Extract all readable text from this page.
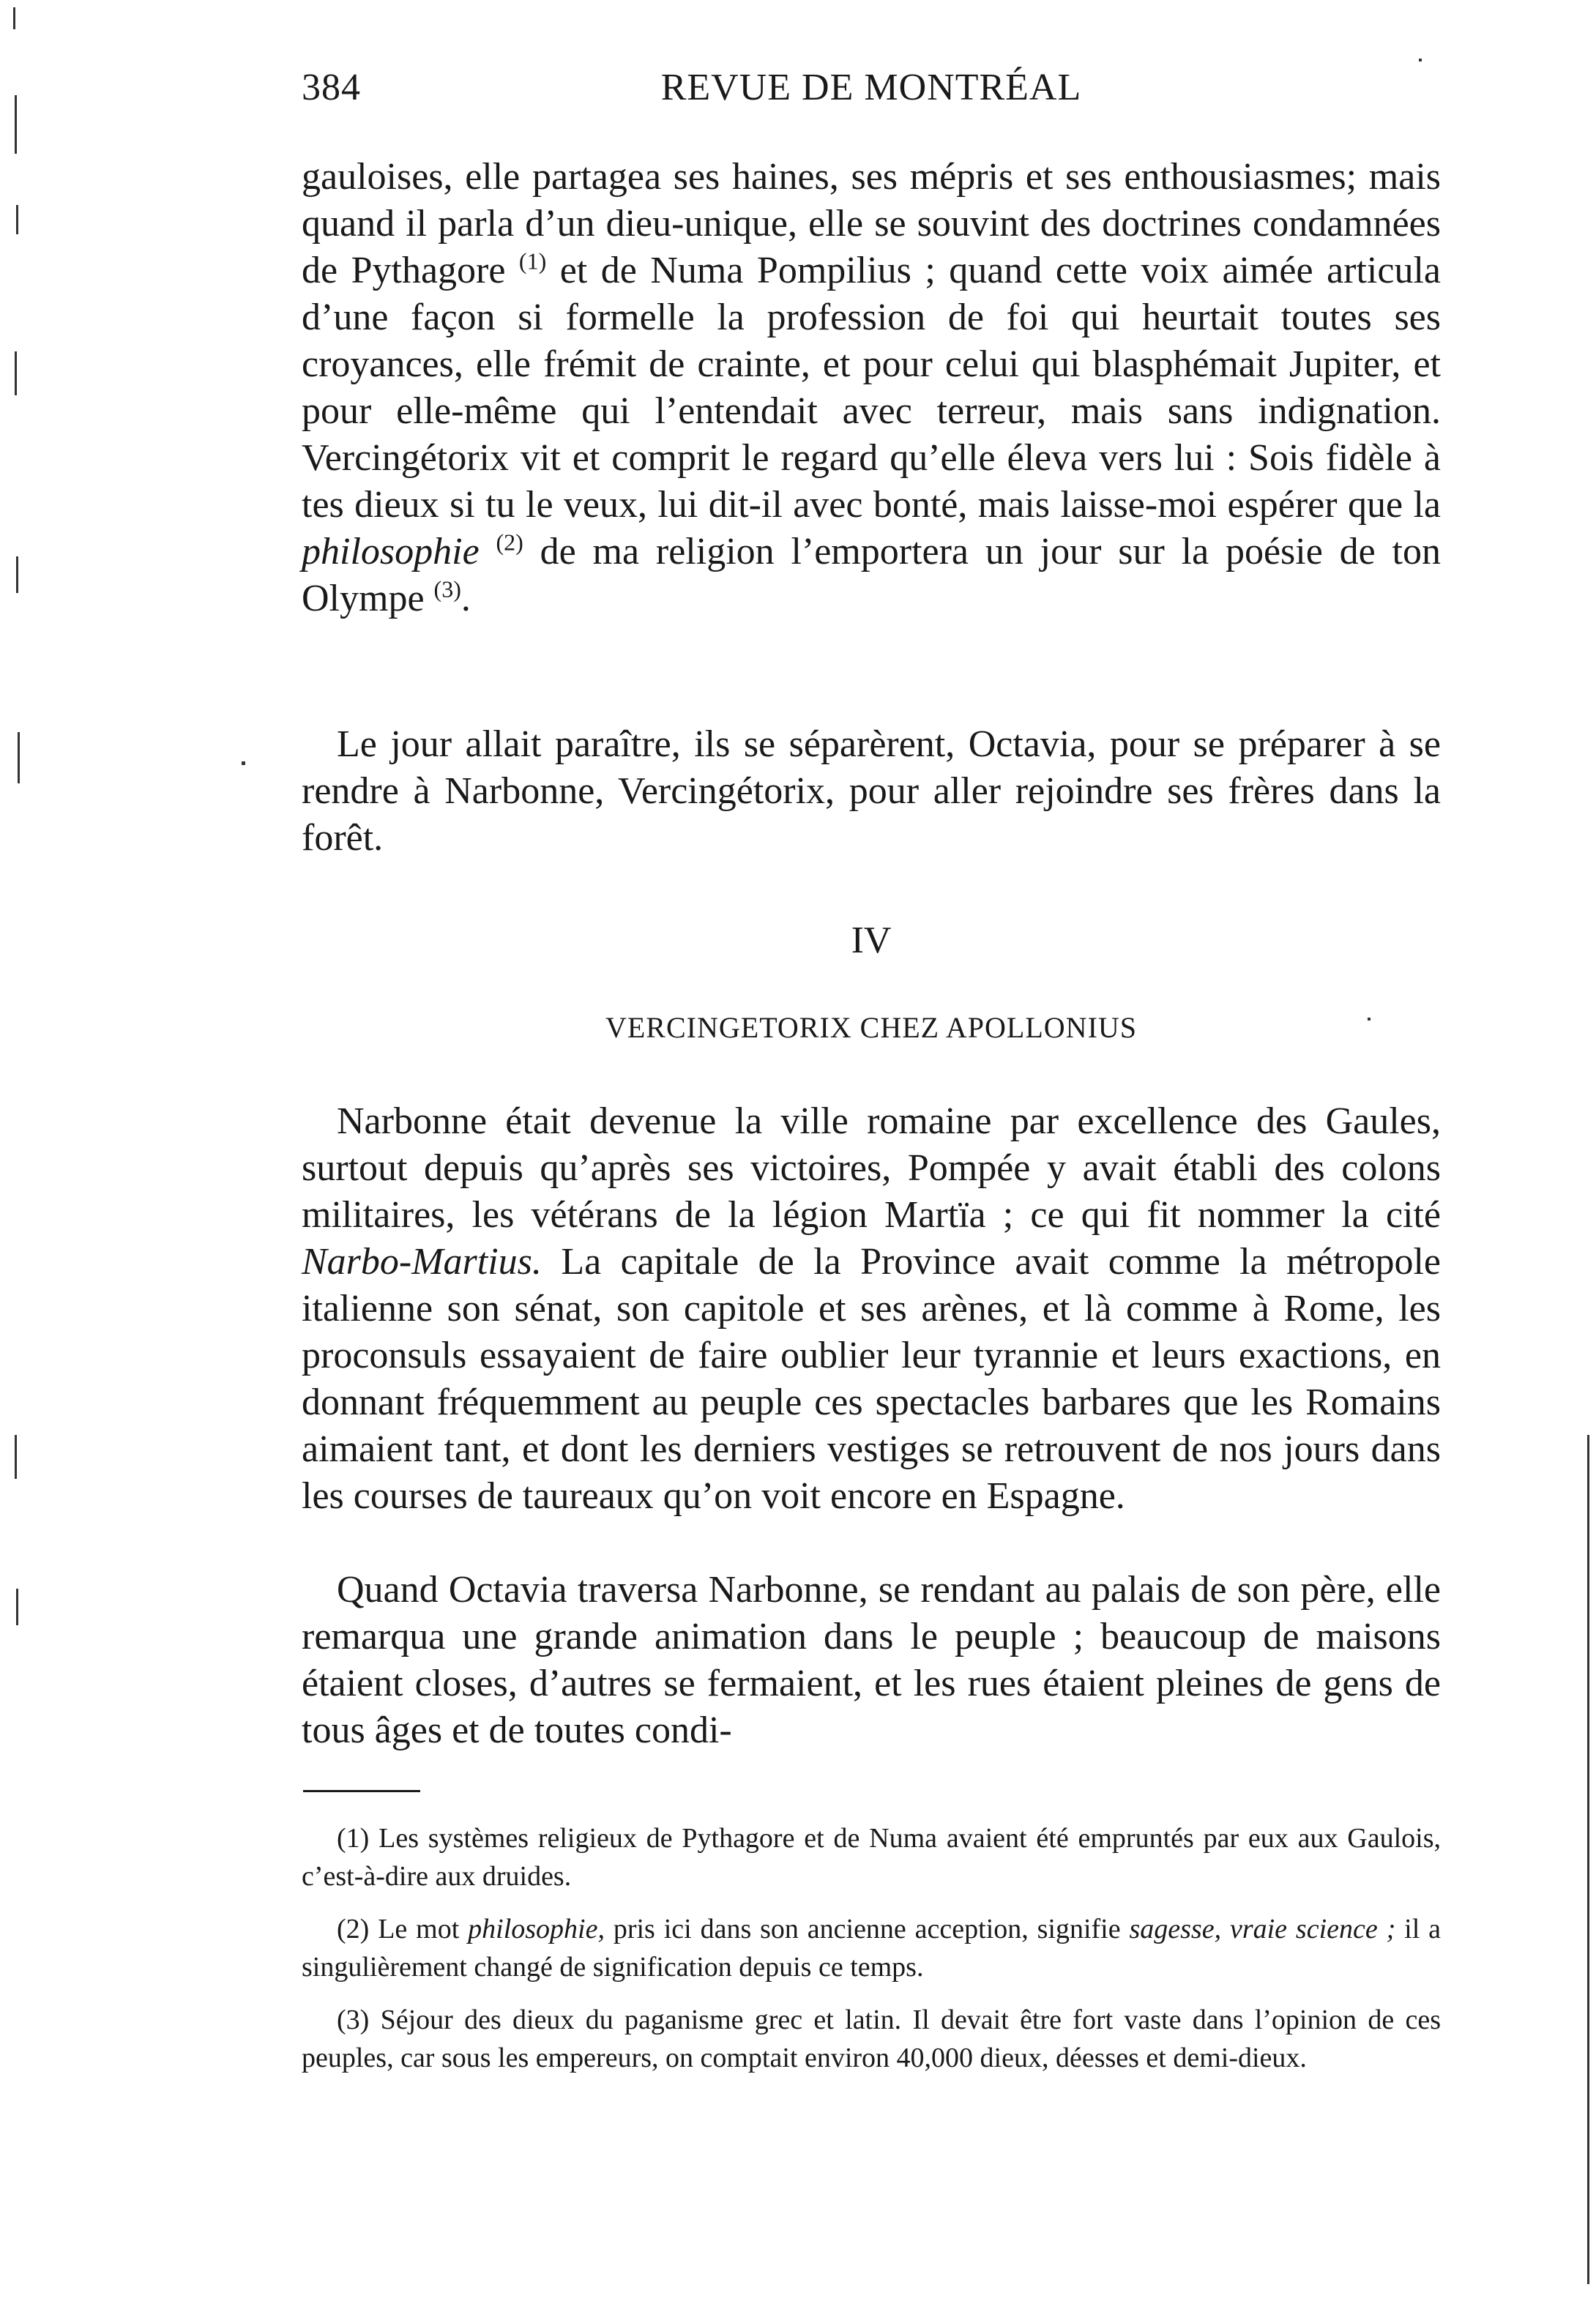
384	REVUE DE MONTRÉAL

gauloises, elle partagea ses haines, ses mépris et ses enthousiasmes; mais quand il parla d’un dieu-unique, elle se souvint des doctrines condamnées de Pythagore $^{(1)}$ et de Numa Pompilius ; quand cette voix aimée articula d’une façon si formelle la profession de foi qui heurtait toutes ses croyances, elle frémit de crainte, et pour celui qui blasphémait Jupiter, et pour elle-même qui l’entendait avec terreur, mais sans indignation. Vercingétorix vit et comprit le regard qu’elle éleva vers lui : Sois fidèle à tes dieux si tu le veux, lui dit-il avec bonté, mais laisse-moi espérer que la philosophie $^{(2)}$ de ma religion l’emportera un jour sur la poésie de ton Olympe $^{(3)}$.

Le jour allait paraître, ils se séparèrent, Octavia, pour se préparer à se rendre à Narbonne, Vercingétorix, pour aller rejoindre ses frères dans la forêt.

IV
VERCINGETORIX CHEZ APOLLONIUS

Narbonne était devenue la ville romaine par excellence des Gaules, surtout depuis qu’après ses victoires, Pompée y avait établi des colons militaires, les vétérans de la légion Martïa ; ce qui fit nommer la cité Narbo-Martius. La capitale de la Province avait comme la métropole italienne son sénat, son capitole et ses arènes, et là comme à Rome, les proconsuls essayaient de faire oublier leur tyrannie et leurs exactions, en donnant fréquemment au peuple ces spectacles barbares que les Romains aimaient tant, et dont les derniers vestiges se retrouvent de nos jours dans les courses de taureaux qu’on voit encore en Espagne.

Quand Octavia traversa Narbonne, se rendant au palais de son père, elle remarqua une grande animation dans le peuple ; beaucoup de maisons étaient closes, d’autres se fermaient, et les rues étaient pleines de gens de tous âges et de toutes condi-

(1) Les systèmes religieux de Pythagore et de Numa avaient été empruntés par eux aux Gaulois, c’est-à-dire aux druides.

(2) Le mot philosophie, pris ici dans son ancienne acception, signifie sagesse, vraie science ; il a singulièrement changé de signification depuis ce temps.

(3) Séjour des dieux du paganisme grec et latin. Il devait être fort vaste dans l’opinion de ces peuples, car sous les empereurs, on comptait environ 40,000 dieux, déesses et demi-dieux.
